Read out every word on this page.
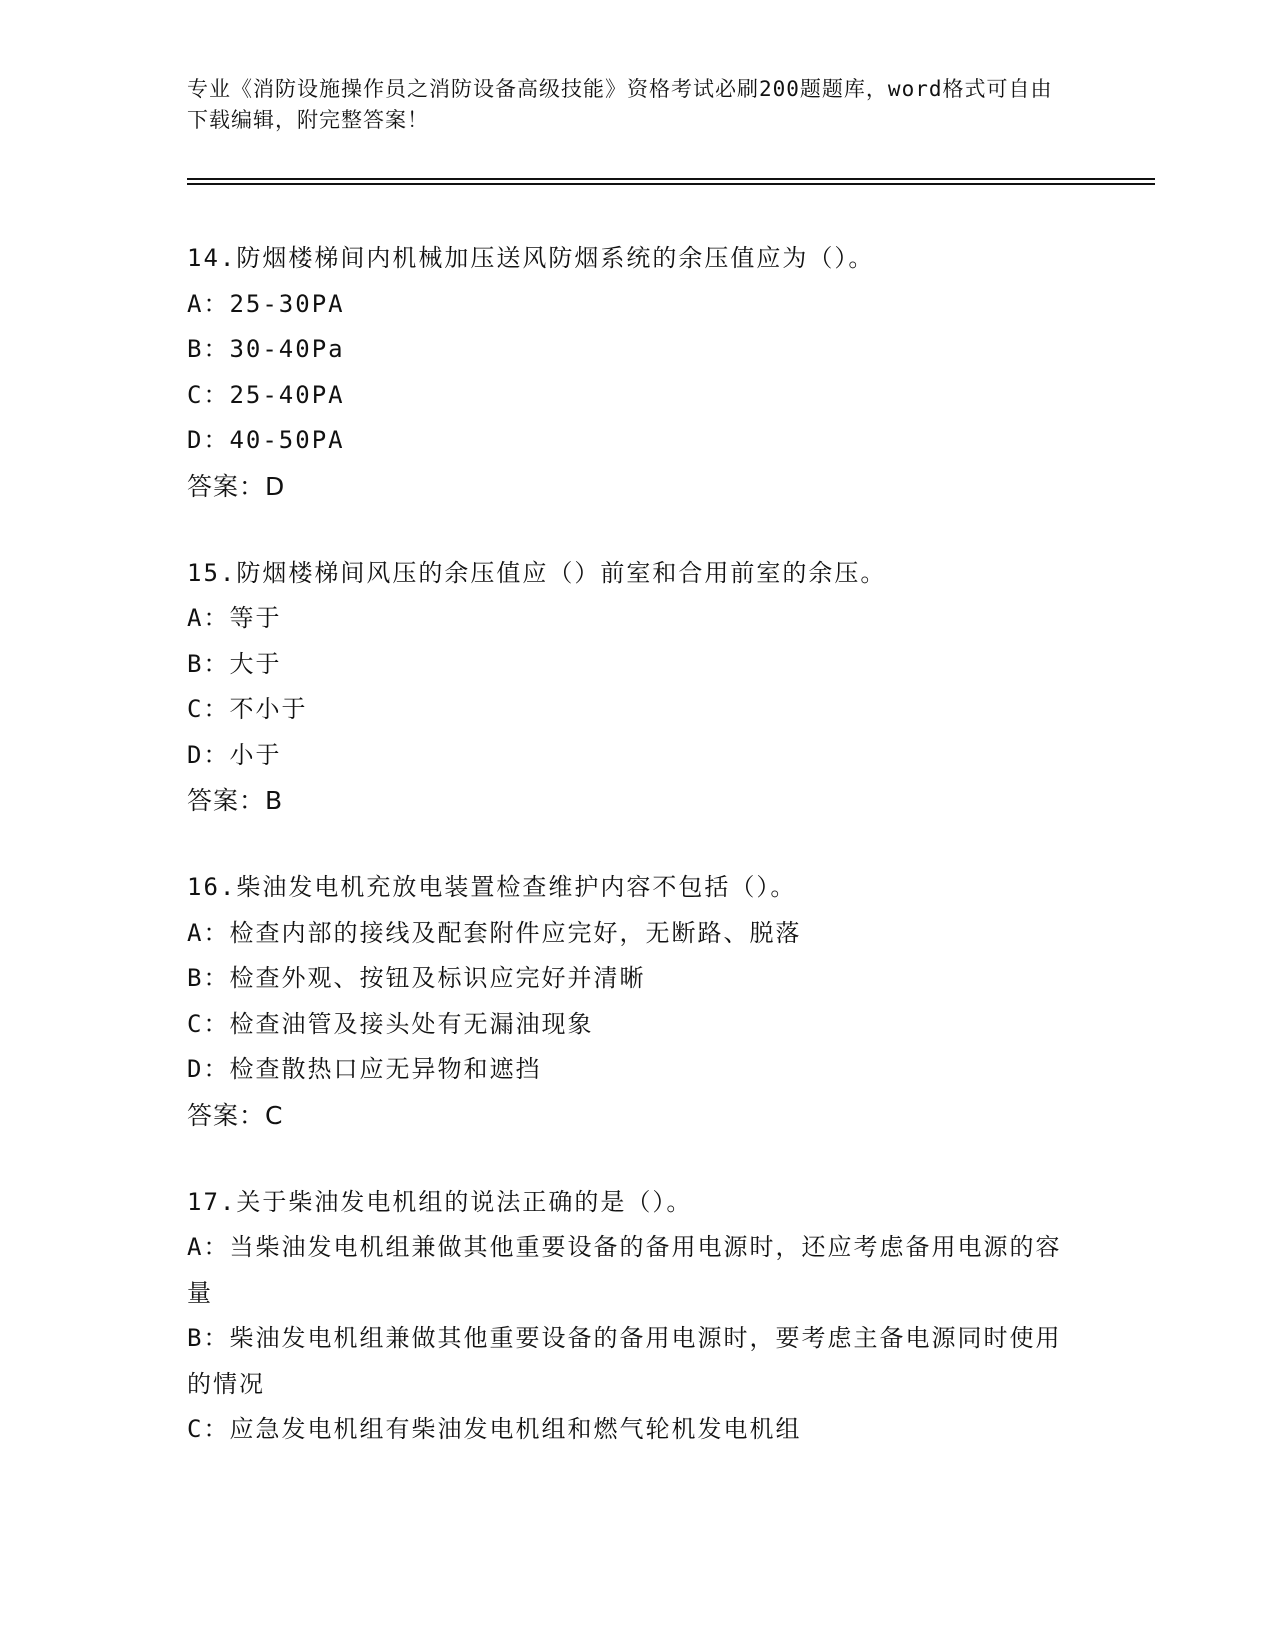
专业《消防设施操作员之消防设备高级技能》资格考试必刷200题题库，word格式可自由下载编辑，附完整答案！
14.防烟楼梯间内机械加压送风防烟系统的余压值应为（）。
A：25-30PA
B：30-40Pa
C：25-40PA
D：40-50PA
答案：D
15.防烟楼梯间风压的余压值应（）前室和合用前室的余压。
A：等于
B：大于
C：不小于
D：小于
答案：B
16.柴油发电机充放电装置检查维护内容不包括（）。
A：检查内部的接线及配套附件应完好，无断路、脱落
B：检查外观、按钮及标识应完好并清晰
C：检查油管及接头处有无漏油现象
D：检查散热口应无异物和遮挡
答案：C
17.关于柴油发电机组的说法正确的是（）。
A：当柴油发电机组兼做其他重要设备的备用电源时，还应考虑备用电源的容量
B：柴油发电机组兼做其他重要设备的备用电源时，要考虑主备电源同时使用的情况
C：应急发电机组有柴油发电机组和燃气轮机发电机组
